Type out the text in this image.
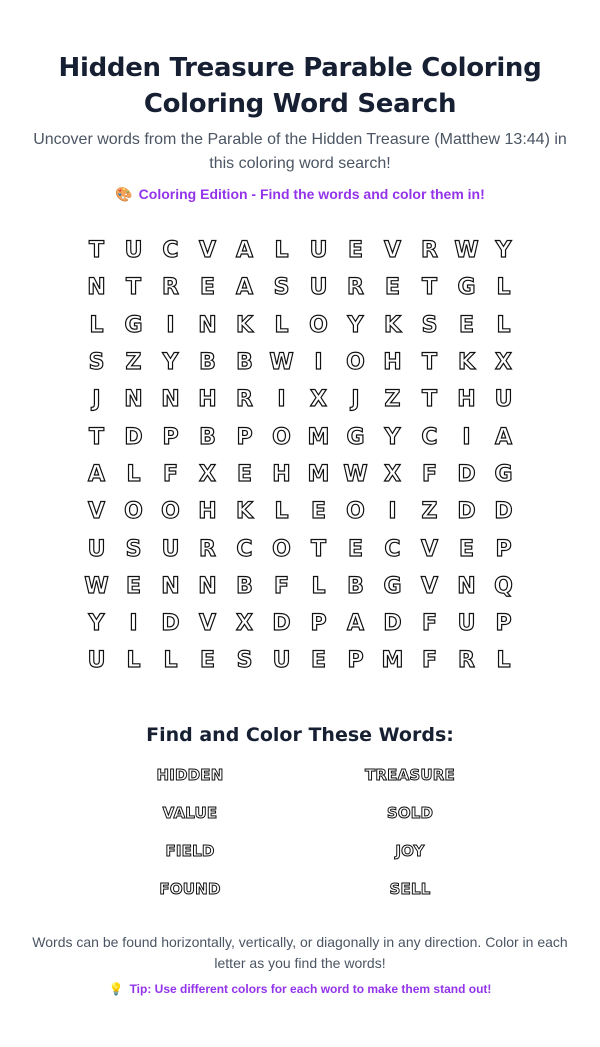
Hidden Treasure Parable Coloring Coloring Word Search
Uncover words from the Parable of the Hidden Treasure (Matthew 13:44) in this coloring word search!
🎨 Coloring Edition - Find the words and color them in!
T U C V A L U E V R W Y
N T R E A S U R E T G L
L G	I	N K L O Y K S E	L
S Z Y B B W I	O H T K X
J	N N H R	I	X	J	Z T H U
T D P B P O M G Y C	I	A
A L	F X E H M W X F D G
V O O H K L	E O	I	Z D D
U S U R C O T E C V E P
W E N N B F	L B G V N Q
Y	I	D V X D P A D F U P
U L	L	E S U E P M F R L
Find and Color These Words:
HIDDEN	TREASURE
VALUE	SOLD
FIELD	JOY
FOUND	SELL
Words can be found horizontally, vertically, or diagonally in any direction. Color in each letter as you find the words!
💡 Tip: Use different colors for each word to make them stand out!
